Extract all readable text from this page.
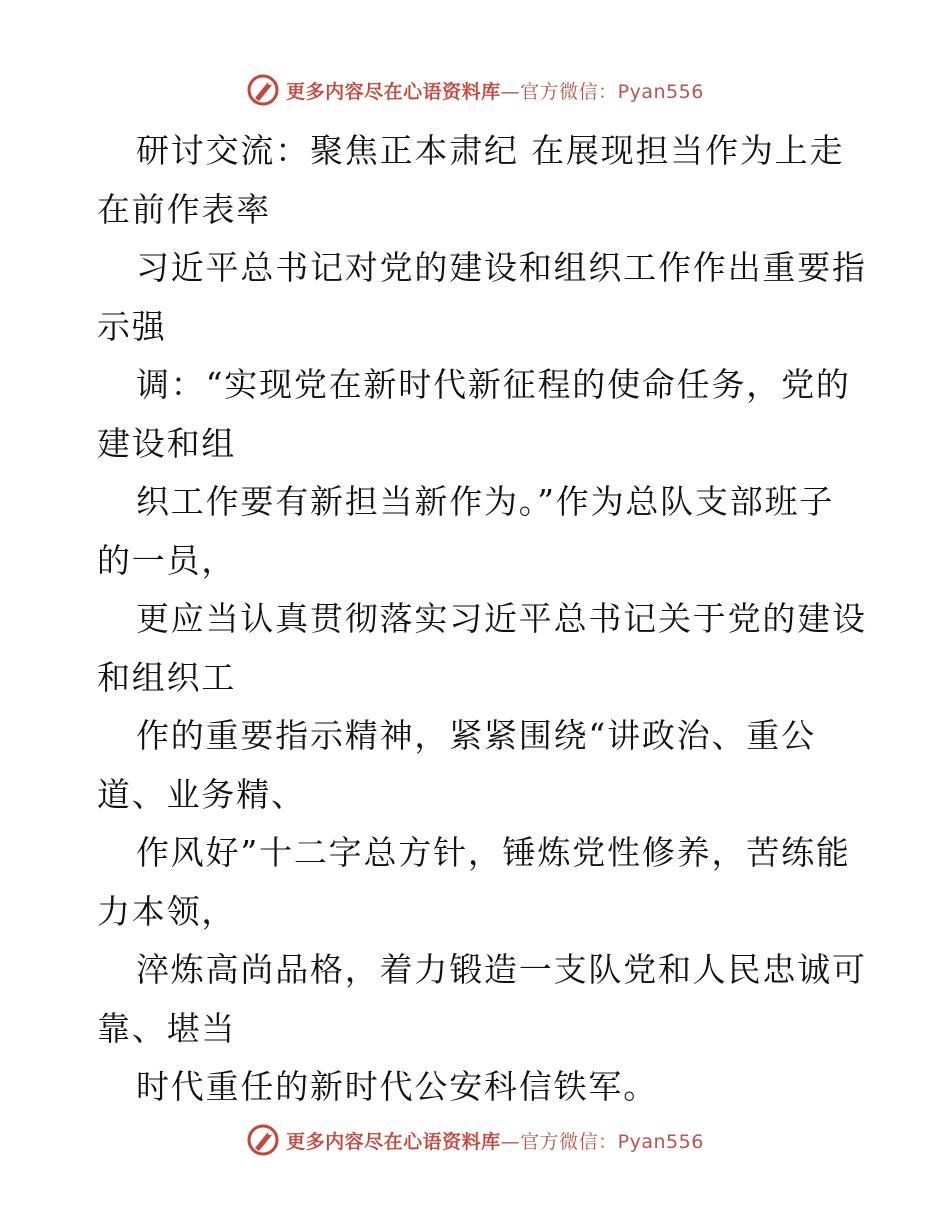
更多内容尽在心语资料库 —官方微信：Pyan556
研讨交流：聚焦正本肃纪 在展现担当作为上走
在前作表率
习近平总书记对党的建设和组织工作作出重要指
示强
调：“实现党在新时代新征程的使命任务，党的
建设和组
织工作要有新担当新作为。”作为总队支部班子
的一员，
更应当认真贯彻落实习近平总书记关于党的建设
和组织工
作的重要指示精神，紧紧围绕“讲政治、重公
道、业务精、
作风好”十二字总方针，锤炼党性修养，苦练能
力本领，
淬炼高尚品格，着力锻造一支队党和人民忠诚可
靠、堪当
时代重任的新时代公安科信铁军。
更多内容尽在心语资料库 —官方微信：Pyan556
